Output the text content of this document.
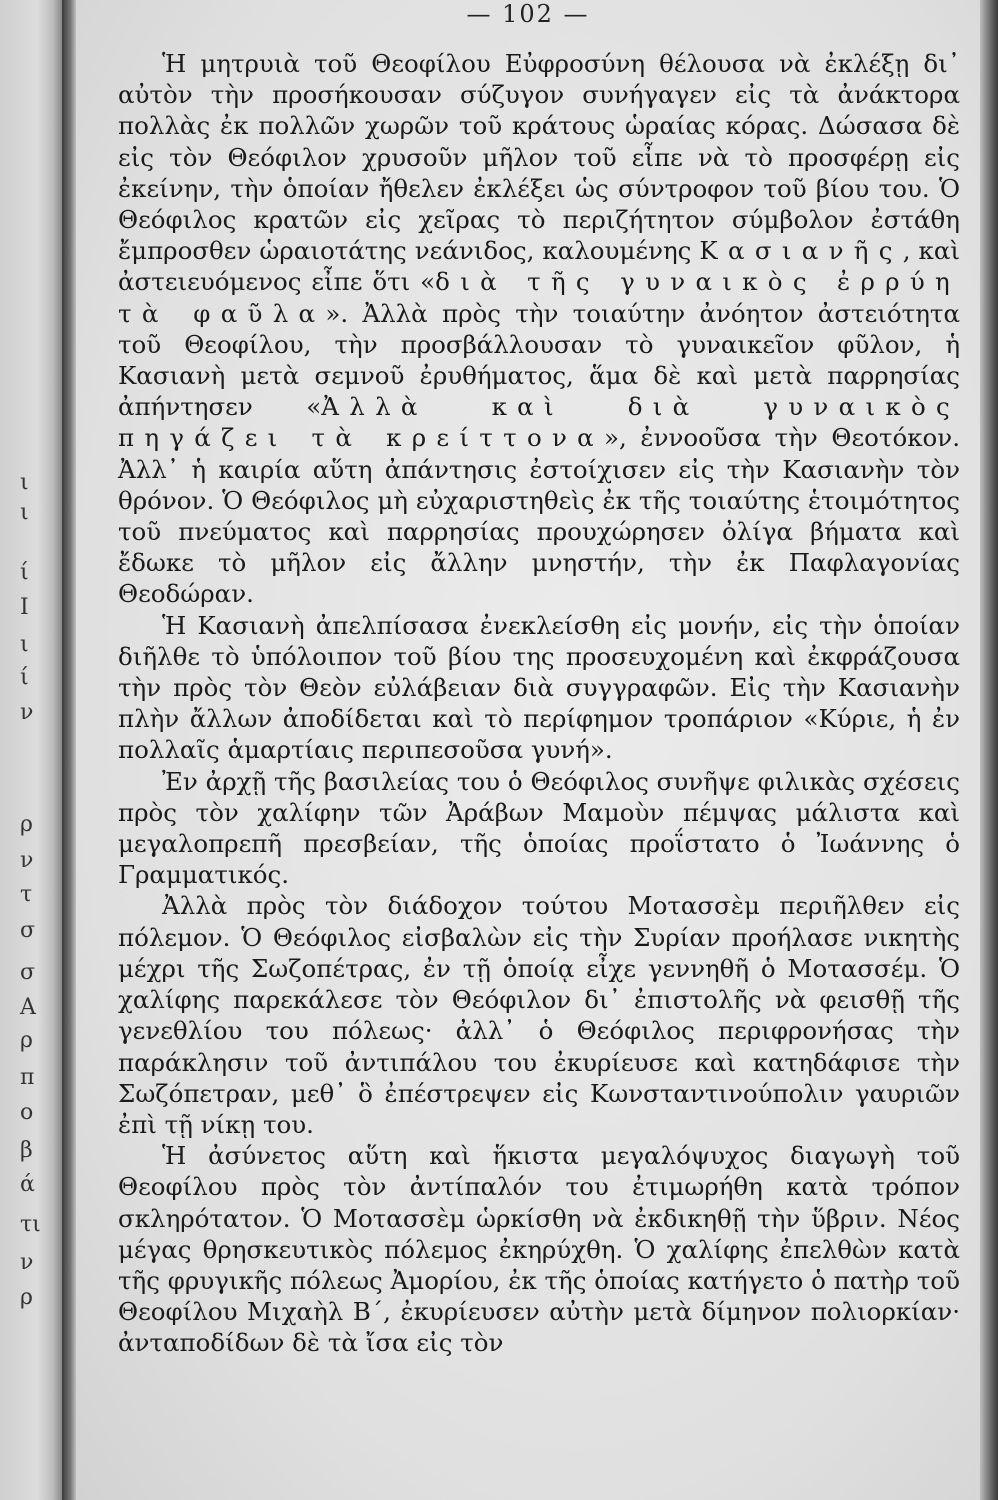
ι
ι
ί
Ι
ι
ί
ν
ρ
ν
τ
σ
σ
Α
ρ
π
ο
β
ά
τι
ν
ρ
— 102 —

Ἡ μητρυιὰ τοῦ Θεοφίλου Εὐφροσύνη θέλουσα νὰ ἐκλέξῃ δι᾿ αὐτὸν τὴν προσήκουσαν σύζυγον συνήγαγεν εἰς τὰ ἀνάκτορα πολλὰς ἐκ πολλῶν χωρῶν τοῦ κράτους ὡραίας κόρας. Δώσασα δὲ εἰς τὸν Θεόφιλον χρυσοῦν μῆλον τοῦ εἶπε νὰ τὸ προσφέρῃ εἰς ἐκείνην, τὴν ὁποίαν ἤθελεν ἐκλέξει ὡς σύντροφον τοῦ βίου του. Ὁ Θεόφιλος κρατῶν εἰς χεῖρας τὸ περιζήτητον σύμβολον ἐστάθη ἔμπροσθεν ὡραιοτάτης νεάνιδος, καλουμένης Κασιανῆς, καὶ ἀστειευόμενος εἶπε ὅτι «διὰ τῆς γυναικὸς ἐρρύη τὰ φαῦλα». Ἀλλὰ πρὸς τὴν τοιαύτην ἀνόητον ἀστειότητα τοῦ Θεοφίλου, τὴν προσβάλλουσαν τὸ γυναικεῖον φῦλον, ἡ Κασιανὴ μετὰ σεμνοῦ ἐρυθήματος, ἅμα δὲ καὶ μετὰ παρρησίας ἀπήντησεν «Ἀλλὰ καὶ διὰ γυναικὸς πηγάζει τὰ κρείττονα», ἐννοοῦσα τὴν Θεοτόκον. Ἀλλ᾿ ἡ καιρία αὕτη ἀπάντησις ἐστοίχισεν εἰς τὴν Κασιανὴν τὸν θρόνον. Ὁ Θεόφιλος μὴ εὐχαριστηθεὶς ἐκ τῆς τοιαύτης ἑτοιμότητος τοῦ πνεύματος καὶ παρρησίας προυχώρησεν ὀλίγα βήματα καὶ ἔδωκε τὸ μῆλον εἰς ἄλλην μνηστήν, τὴν ἐκ Παφλαγονίας Θεοδώραν.

Ἡ Κασιανὴ ἀπελπίσασα ἐνεκλείσθη εἰς μονήν, εἰς τὴν ὁποίαν διῆλθε τὸ ὑπόλοιπον τοῦ βίου της προσευχομένη καὶ ἐκφράζουσα τὴν πρὸς τὸν Θεὸν εὐλάβειαν διὰ συγγραφῶν. Εἰς τὴν Κασιανὴν πλὴν ἄλλων ἀποδίδεται καὶ τὸ περίφημον τροπάριον «Κύριε, ἡ ἐν πολλαῖς ἁμαρτίαις περιπεσοῦσα γυνή».

Ἐν ἀρχῇ τῆς βασιλείας του ὁ Θεόφιλος συνῆψε φιλικὰς σχέσεις πρὸς τὸν χαλίφην τῶν Ἀράβων Μαμοὺν πέμψας μάλιστα καὶ μεγαλοπρεπῆ πρεσβείαν, τῆς ὁποίας προΐστατο ὁ Ἰωάννης ὁ Γραμματικός.

Ἀλλὰ πρὸς τὸν διάδοχον τούτου Μοτασσὲμ περιῆλθεν εἰς πόλεμον. Ὁ Θεόφιλος εἰσβαλὼν εἰς τὴν Συρίαν προήλασε νικητὴς μέχρι τῆς Σωζοπέτρας, ἐν τῇ ὁποίᾳ εἶχε γεννηθῆ ὁ Μοτασσέμ. Ὁ χαλίφης παρεκάλεσε τὸν Θεόφιλον δι᾿ ἐπιστολῆς νὰ φεισθῇ τῆς γενεθλίου του πόλεως· ἀλλ᾿ ὁ Θεόφιλος περιφρονήσας τὴν παράκλησιν τοῦ ἀντιπάλου του ἐκυρίευσε καὶ κατηδάφισε τὴν Σωζόπετραν, μεθ᾿ ὃ ἐπέστρεψεν εἰς Κωνσταντινούπολιν γαυριῶν ἐπὶ τῇ νίκῃ του.

Ἡ ἀσύνετος αὕτη καὶ ἥκιστα μεγαλόψυχος διαγωγὴ τοῦ Θεοφίλου πρὸς τὸν ἀντίπαλόν του ἐτιμωρήθη κατὰ τρόπον σκληρότατον. Ὁ Μοτασσὲμ ὡρκίσθη νὰ ἐκδικηθῇ τὴν ὕβριν. Νέος μέγας θρησκευτικὸς πόλεμος ἐκηρύχθη. Ὁ χαλίφης ἐπελθὼν κατὰ τῆς φρυγικῆς πόλεως Ἀμορίου, ἐκ τῆς ὁποίας κατήγετο ὁ πατὴρ τοῦ Θεοφίλου Μιχαὴλ Β΄, ἐκυρίευσεν αὐτὴν μετὰ δίμηνον πολιορκίαν· ἀνταποδίδων δὲ τὰ ἴσα εἰς τὸν
